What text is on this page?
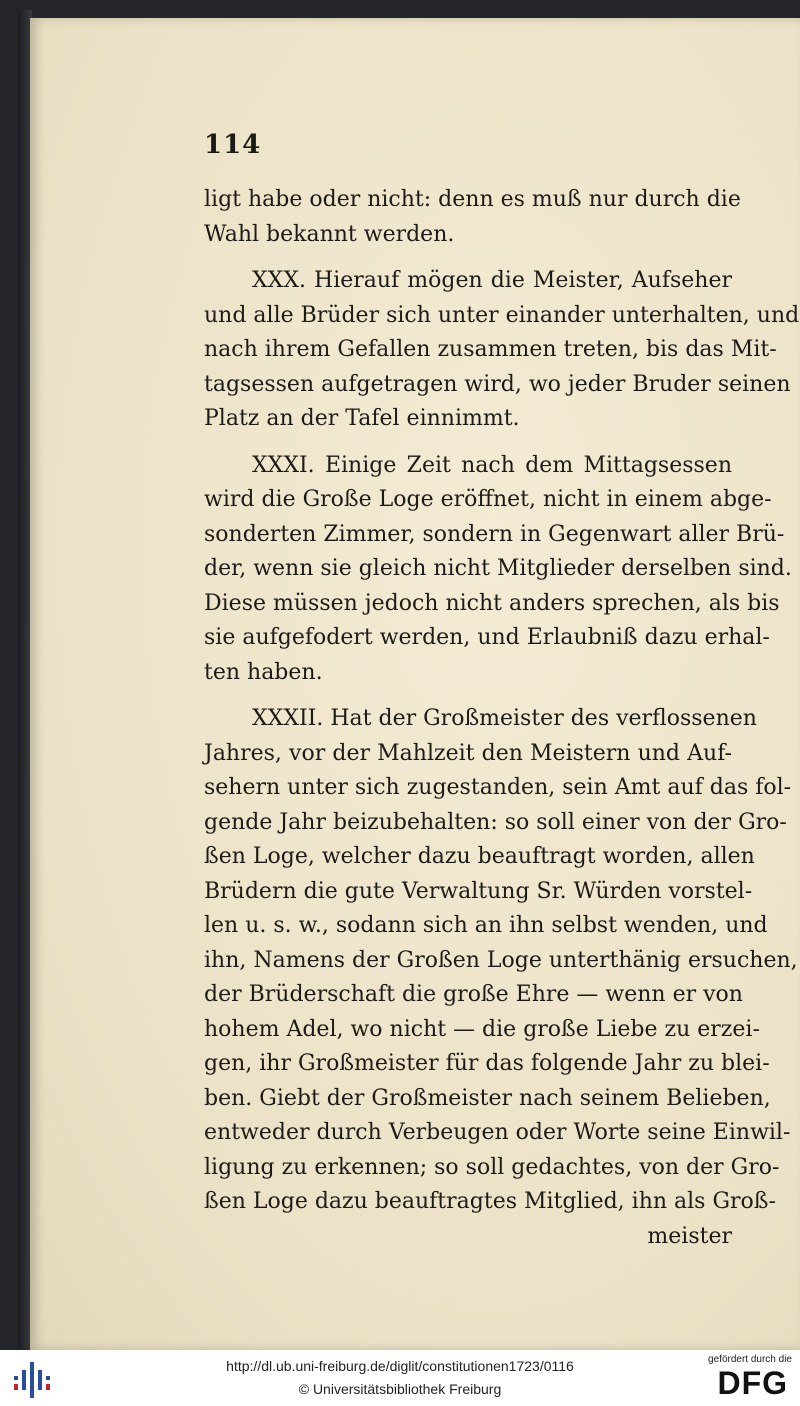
114
ligt habe oder nicht: denn es muß nur durch die
Wahl bekannt werden.
XXX. Hierauf mögen die Meister, Aufseher
und alle Brüder sich unter einander unterhalten, und
nach ihrem Gefallen zusammen treten, bis das Mit-
tagsessen aufgetragen wird, wo jeder Bruder seinen
Platz an der Tafel einnimmt.
XXXI. Einige Zeit nach dem Mittagsessen
wird die Große Loge eröffnet, nicht in einem abge-
sonderten Zimmer, sondern in Gegenwart aller Brü-
der, wenn sie gleich nicht Mitglieder derselben sind.
Diese müssen jedoch nicht anders sprechen, als bis
sie aufgefodert werden, und Erlaubniß dazu erhal-
ten haben.
XXXII. Hat der Großmeister des verflossenen
Jahres, vor der Mahlzeit den Meistern und Auf-
sehern unter sich zugestanden, sein Amt auf das fol-
gende Jahr beizubehalten: so soll einer von der Gro-
ßen Loge, welcher dazu beauftragt worden, allen
Brüdern die gute Verwaltung Sr. Würden vorstel-
len u. s. w., sodann sich an ihn selbst wenden, und
ihn, Namens der Großen Loge unterthänig ersuchen,
der Brüderschaft die große Ehre — wenn er von
hohem Adel, wo nicht — die große Liebe zu erzei-
gen, ihr Großmeister für das folgende Jahr zu blei-
ben. Giebt der Großmeister nach seinem Belieben,
entweder durch Verbeugen oder Worte seine Einwil-
ligung zu erkennen; so soll gedachtes, von der Gro-
ßen Loge dazu beauftragtes Mitglied, ihn als Groß-
meister
http://dl.ub.uni-freiburg.de/diglit/constitutionen1723/0116
© Universitätsbibliothek Freiburg
gefördert durch die
DFG
